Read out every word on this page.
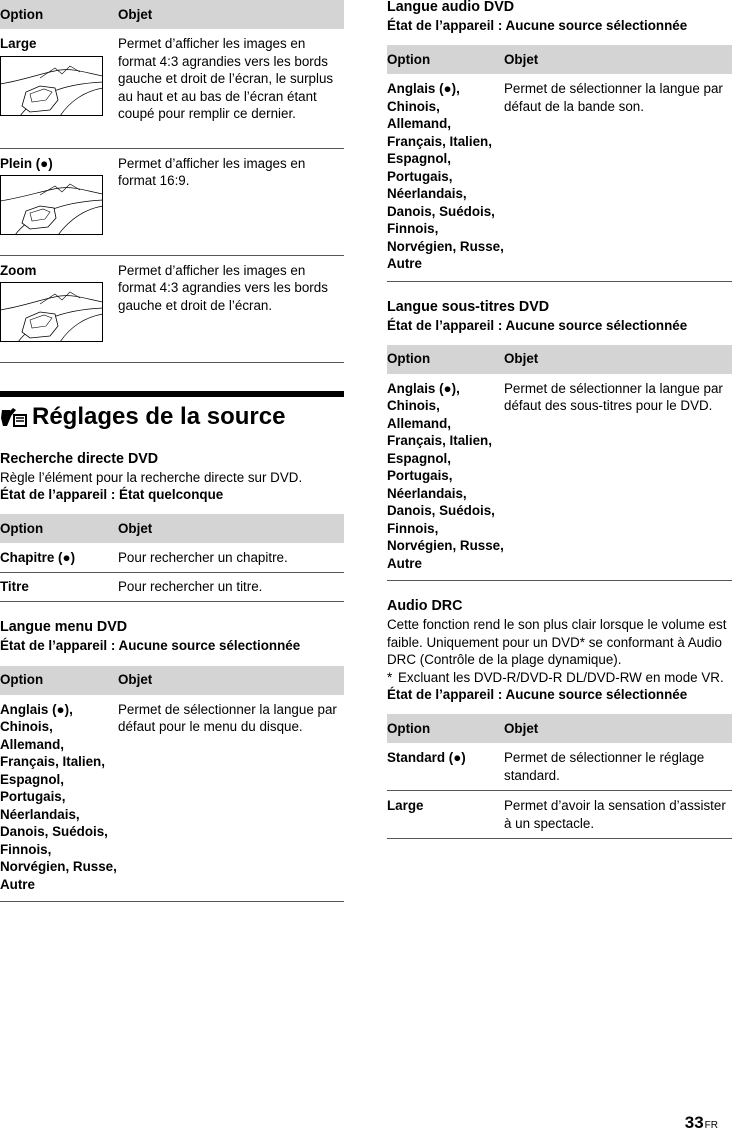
Option	Objet

Large	Permet d’afficher les images en format 4:3 agrandies vers les bords gauche et droit de l’écran, le surplus au haut et au bas de l’écran étant coupé pour remplir ce dernier.

Plein (●)	Permet d’afficher les images en format 16:9.

Zoom	Permet d’afficher les images en format 4:3 agrandies vers les bords gauche et droit de l’écran.
Réglages de la source
Recherche directe DVD
Règle l’élément pour la recherche directe sur DVD.
État de l’appareil : État quelconque
Option	Objet
Chapitre (●)	Pour rechercher un chapitre.
Titre	Pour rechercher un titre.
Langue menu DVD
État de l’appareil : Aucune source sélectionnée
Option	Objet
Anglais (●), Chinois, Allemand, Français, Italien, Espagnol, Portugais, Néerlandais, Danois, Suédois, Finnois, Norvégien, Russe, Autre	Permet de sélectionner la langue par défaut pour le menu du disque.
Langue audio DVD
État de l’appareil : Aucune source sélectionnée
Option	Objet
Anglais (●), Chinois, Allemand, Français, Italien, Espagnol, Portugais, Néerlandais, Danois, Suédois, Finnois, Norvégien, Russe, Autre	Permet de sélectionner la langue par défaut de la bande son.
Langue sous-titres DVD
État de l’appareil : Aucune source sélectionnée
Option	Objet
Anglais (●), Chinois, Allemand, Français, Italien, Espagnol, Portugais, Néerlandais, Danois, Suédois, Finnois, Norvégien, Russe, Autre	Permet de sélectionner la langue par défaut des sous-titres pour le DVD.
Audio DRC
Cette fonction rend le son plus clair lorsque le volume est faible. Uniquement pour un DVD* se conformant à Audio DRC (Contrôle de la plage dynamique).
* Excluant les DVD-R/DVD-R DL/DVD-RW en mode VR.
État de l’appareil : Aucune source sélectionnée
Option	Objet
Standard (●)	Permet de sélectionner le réglage standard.
Large	Permet d’avoir la sensation d’assister à un spectacle.
33FR
